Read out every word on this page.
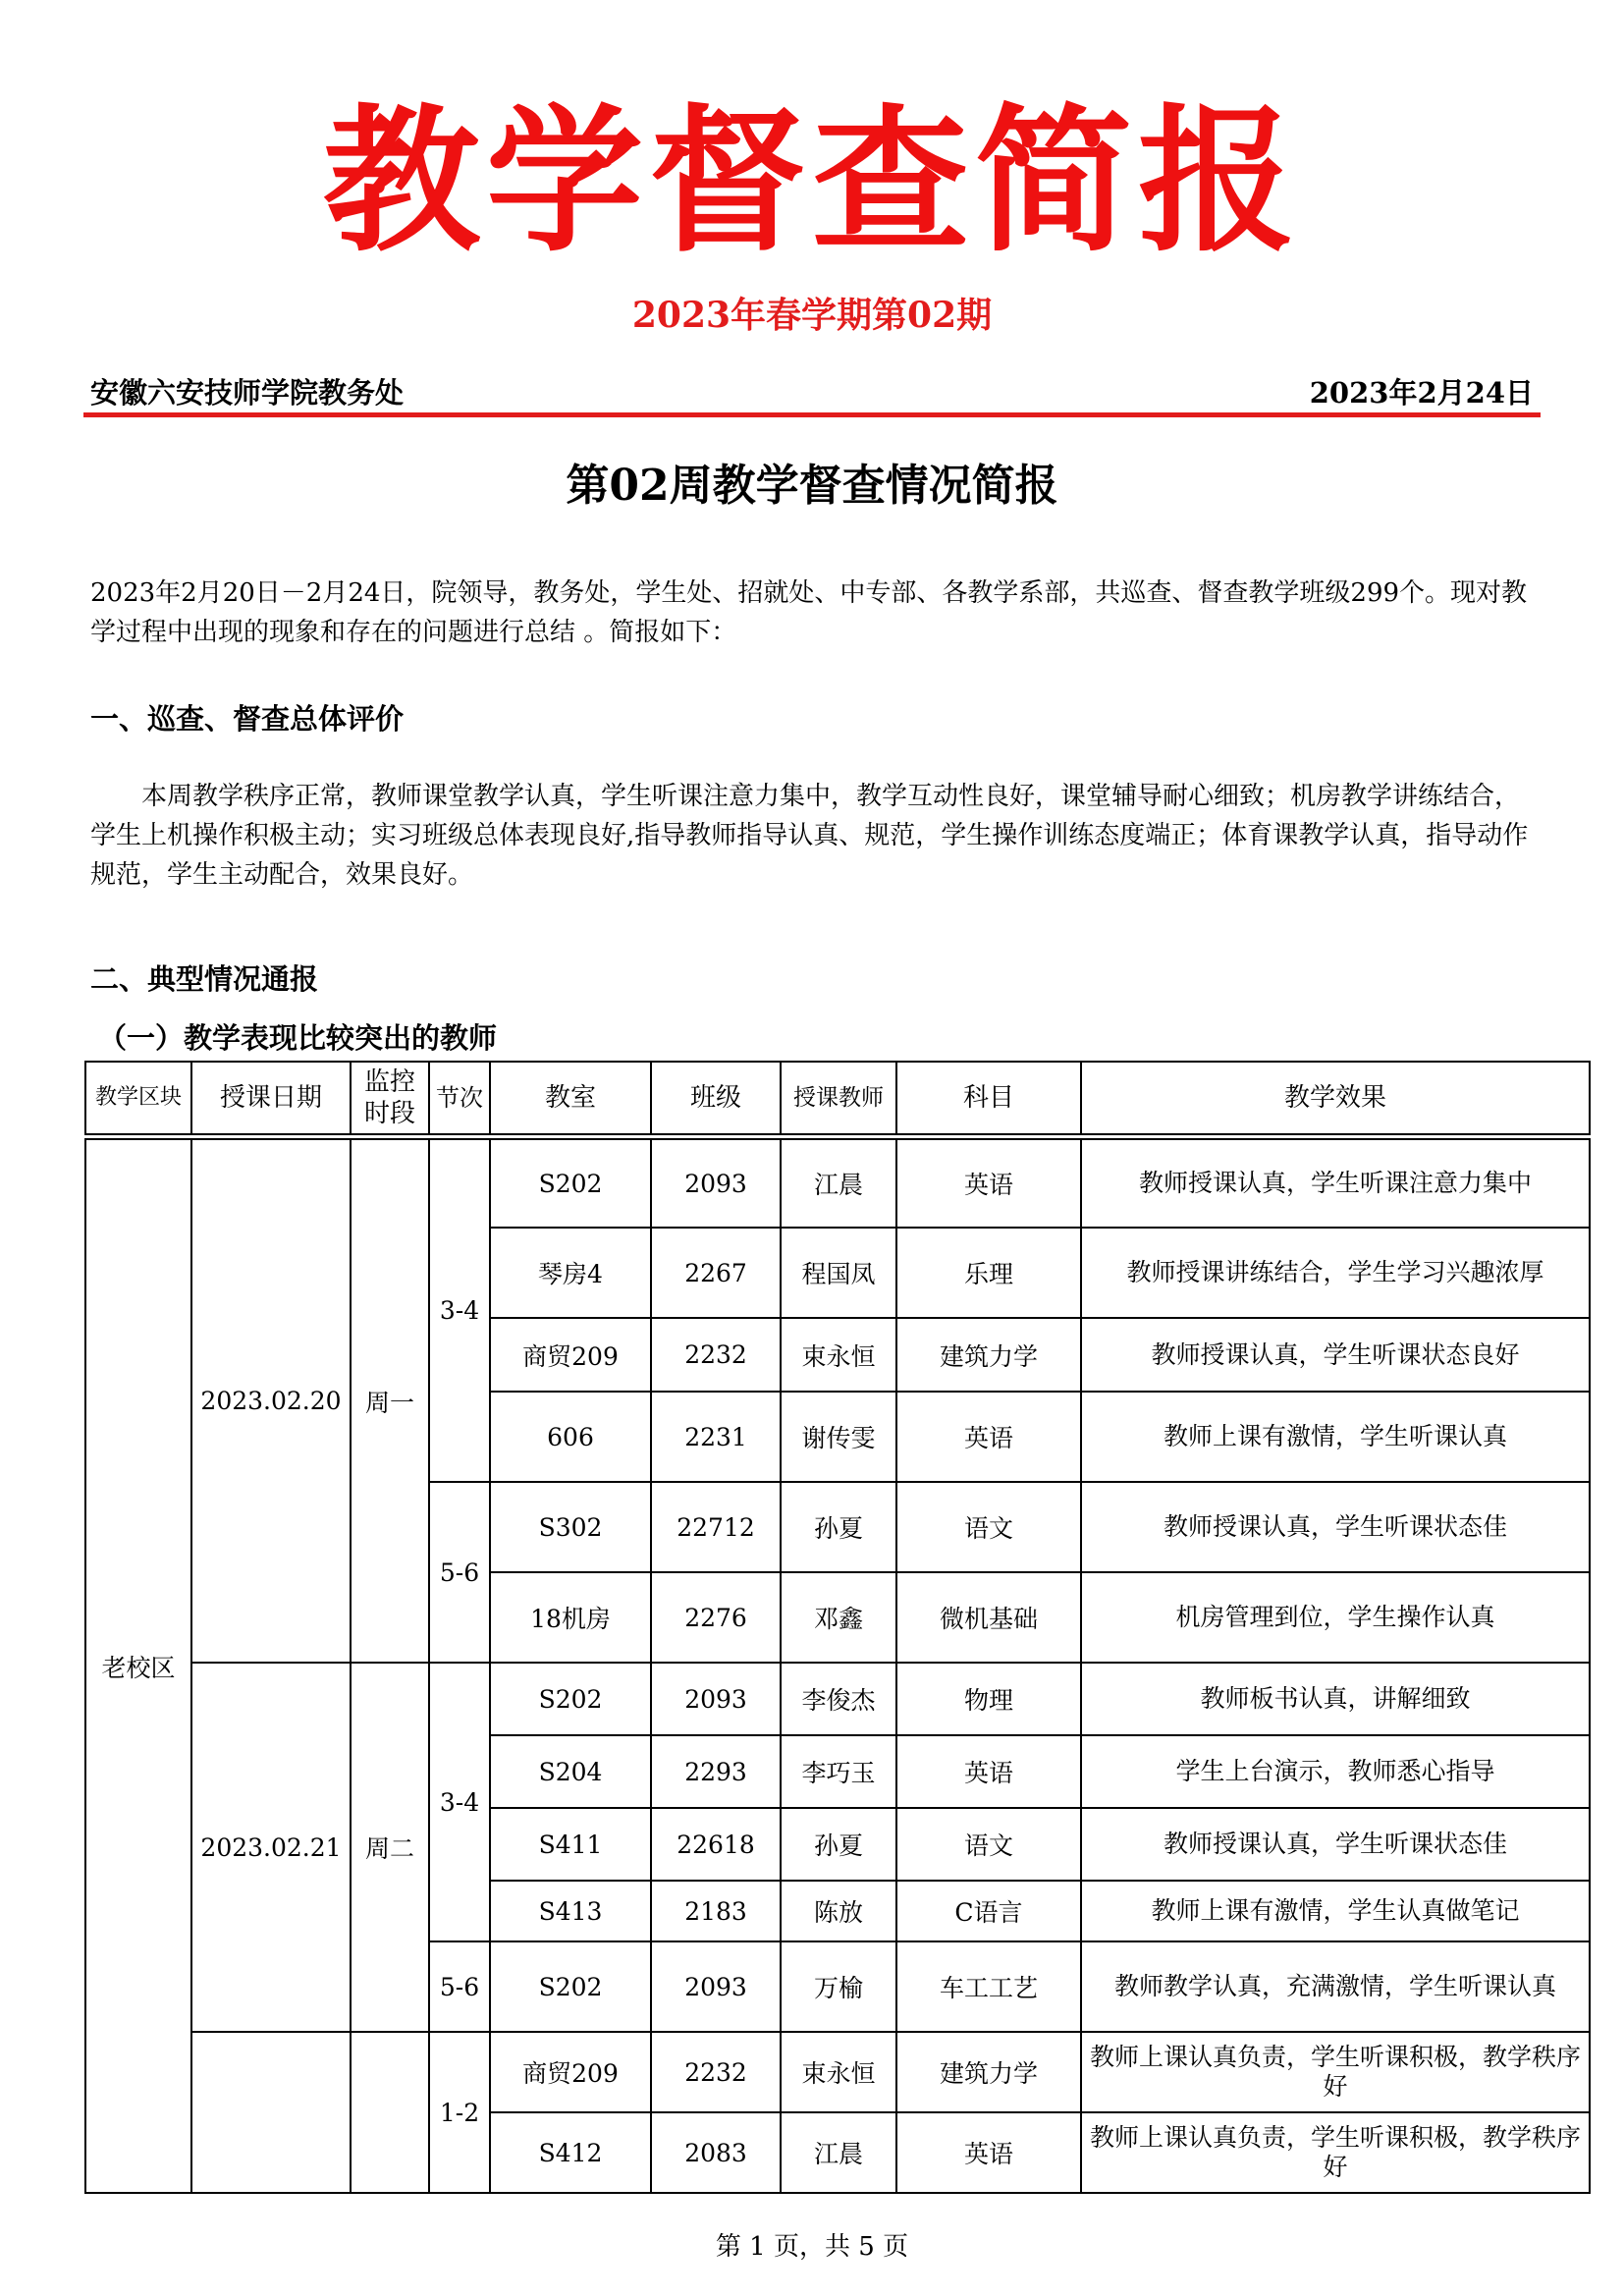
教学督查简报
2023年春学期第02期
安徽六安技师学院教务处	2023年2月24日
第02周教学督查情况简报
2023年2月20日－2月24日，院领导，教务处，学生处、招就处、中专部、各教学系部，共巡查、督查教学班级299个。现对教学过程中出现的现象和存在的问题进行总结 。简报如下：
一、巡查、督查总体评价
本周教学秩序正常，教师课堂教学认真，学生听课注意力集中，教学互动性良好，课堂辅导耐心细致；机房教学讲练结合，学生上机操作积极主动；实习班级总体表现良好,指导教师指导认真、规范，学生操作训练态度端正；体育课教学认真，指导动作规范，学生主动配合，效果良好。
二、典型情况通报
（一）教学表现比较突出的教师
教学区块	授课日期	监控时段	节次	教室	班级	授课教师	科目	教学效果

老校区	2023.02.20	周一	3-4	S202	2093	江晨	英语	教师授课认真，学生听课注意力集中
				琴房4	2267	程国凤	乐理	教师授课讲练结合，学生学习兴趣浓厚
				商贸209	2232	束永恒	建筑力学	教师授课认真，学生听课状态良好
				606	2231	谢传雯	英语	教师上课有激情，学生听课认真
			5-6	S302	22712	孙夏	语文	教师授课认真，学生听课状态佳
				18机房	2276	邓鑫	微机基础	机房管理到位，学生操作认真
	2023.02.21	周二	3-4	S202	2093	李俊杰	物理	教师板书认真，讲解细致
				S204	2293	李巧玉	英语	学生上台演示，教师悉心指导
				S411	22618	孙夏	语文	教师授课认真，学生听课状态佳
				S413	2183	陈放	C语言	教师上课有激情，学生认真做笔记
			5-6	S202	2093	万榆	车工工艺	教师教学认真，充满激情，学生听课认真
			1-2	商贸209	2232	束永恒	建筑力学	教师上课认真负责，学生听课积极，教学秩序好
				S412	2083	江晨	英语	教师上课认真负责，学生听课积极，教学秩序好
第 1 页，共 5 页
